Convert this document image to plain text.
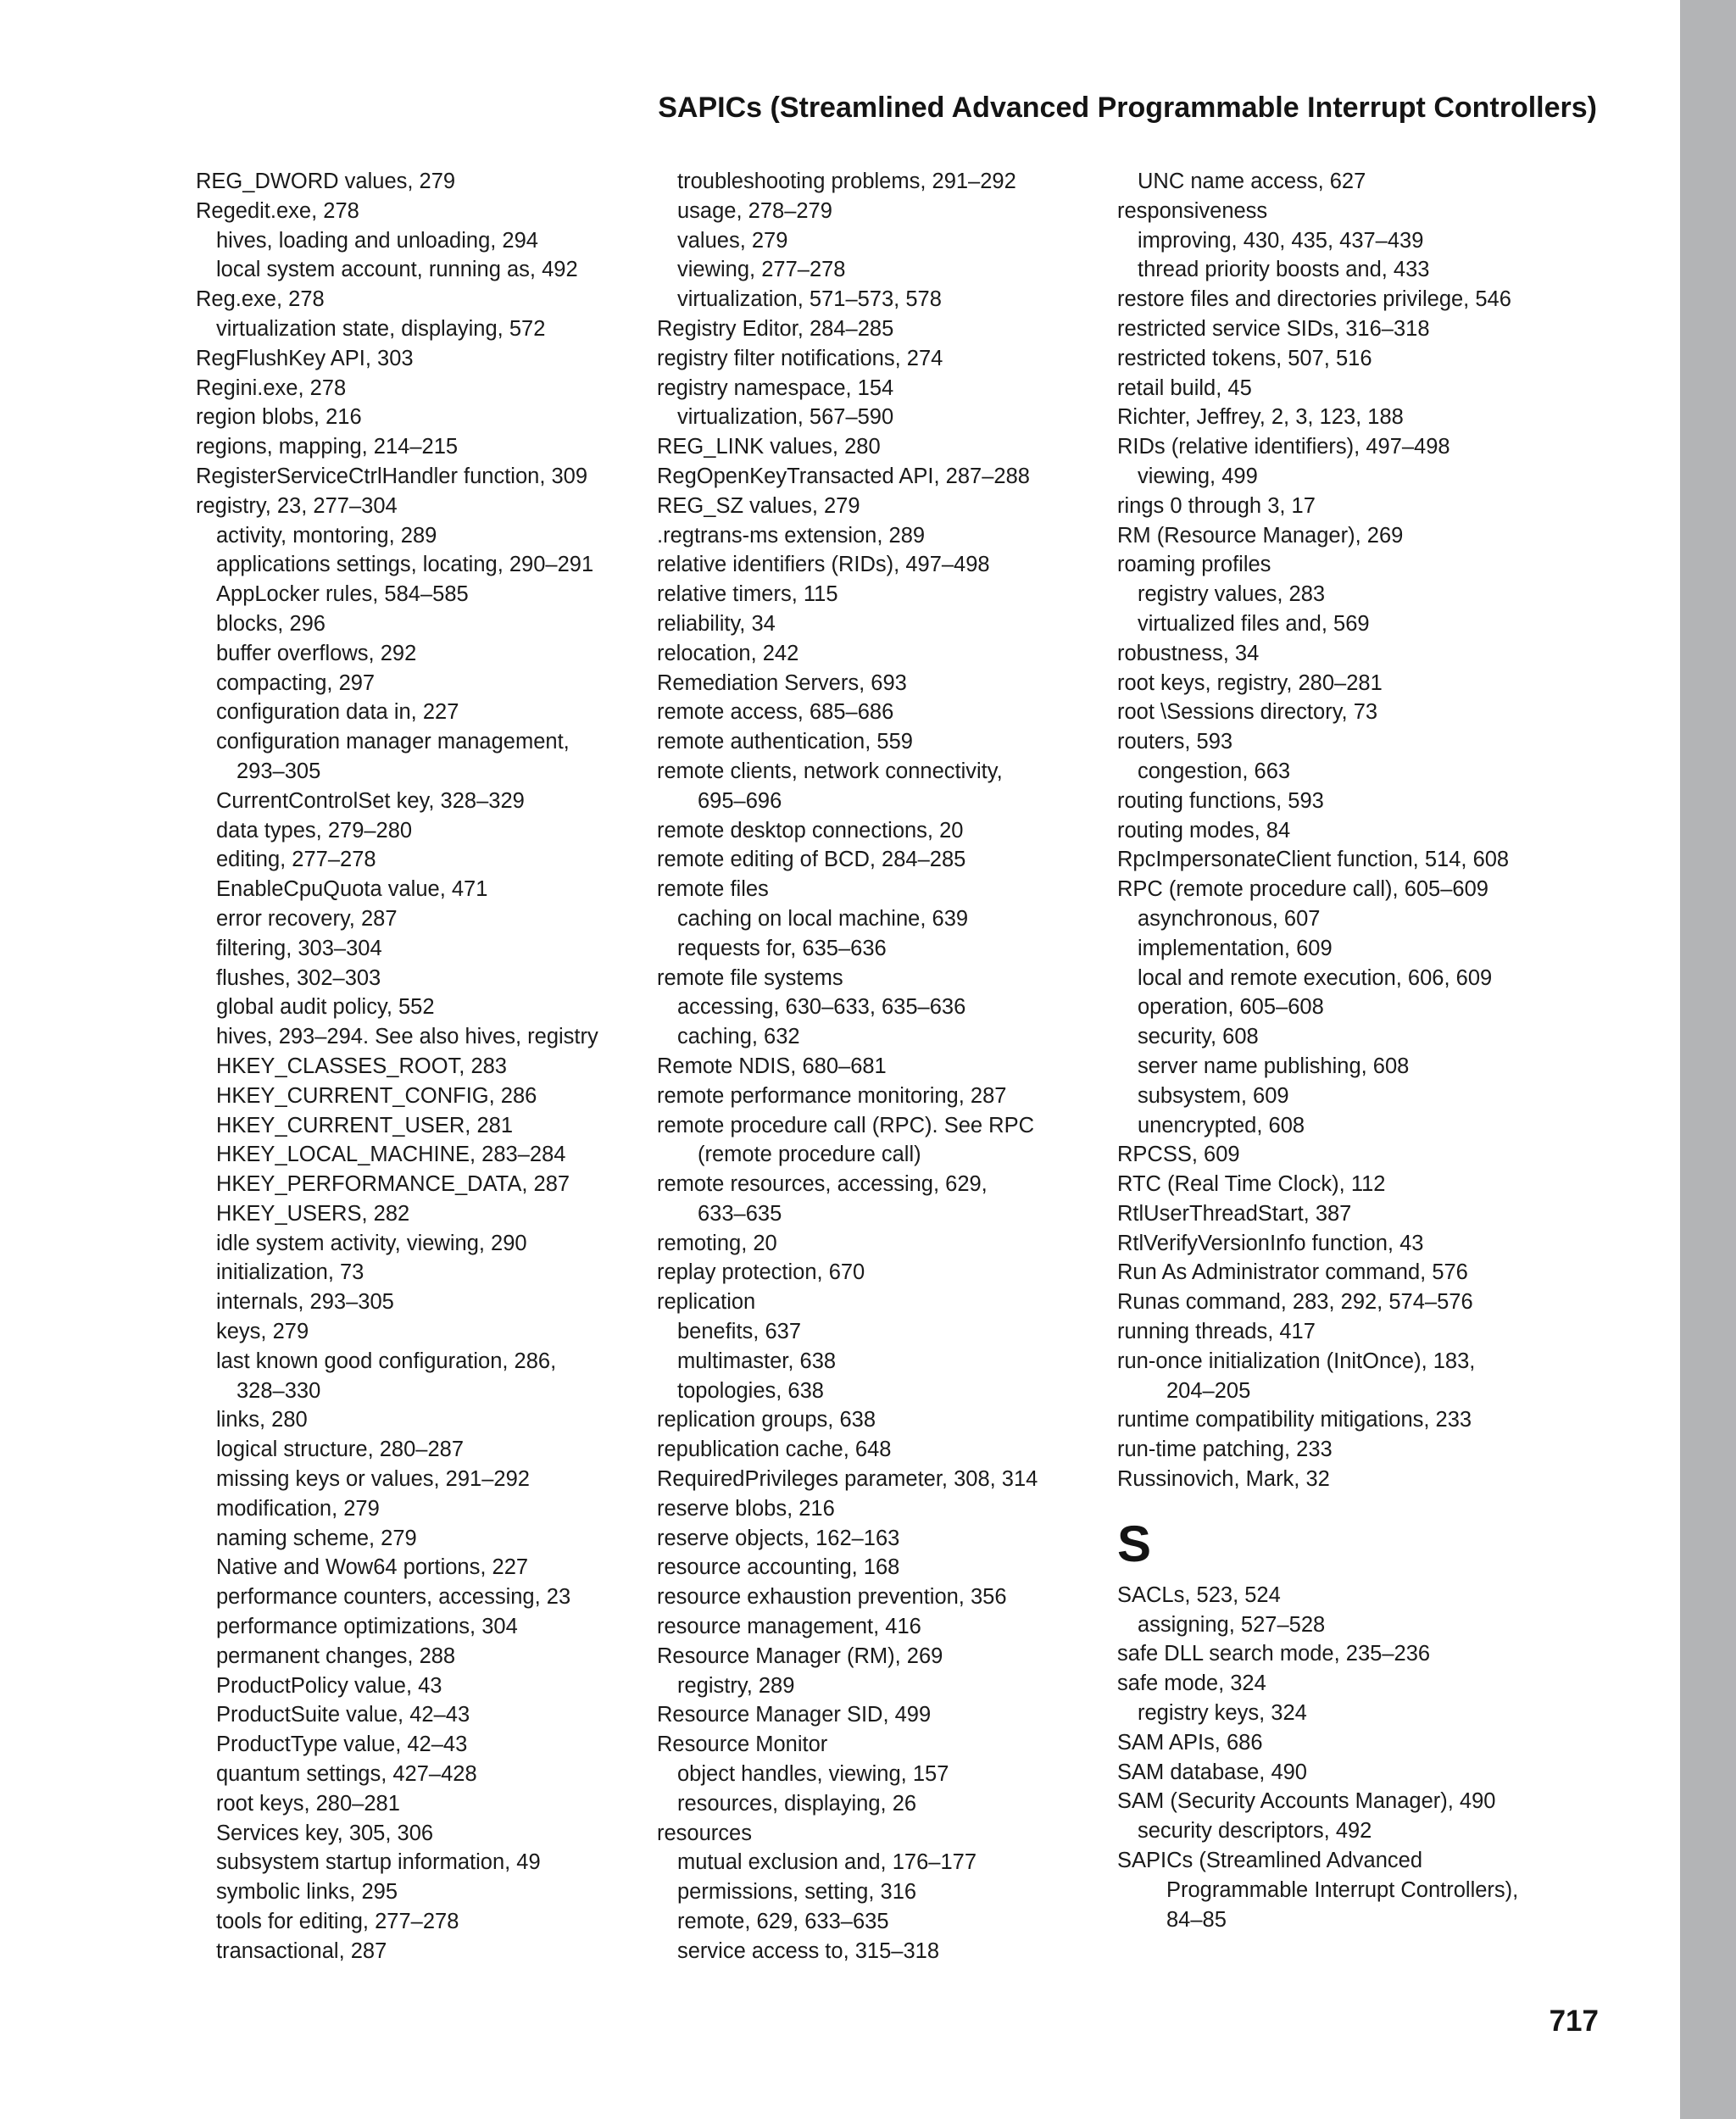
SAPICs (Streamlined Advanced Programmable Interrupt Controllers)
REG_DWORD values, 279
Regedit.exe, 278
hives, loading and unloading, 294
local system account, running as, 492
Reg.exe, 278
virtualization state, displaying, 572
RegFlushKey API, 303
Regini.exe, 278
region blobs, 216
regions, mapping, 214–215
RegisterServiceCtrlHandler function, 309
registry, 23, 277–304
activity, montoring, 289
applications settings, locating, 290–291
AppLocker rules, 584–585
blocks, 296
buffer overflows, 292
compacting, 297
configuration data in, 227
configuration manager management,
293–305
CurrentControlSet key, 328–329
data types, 279–280
editing, 277–278
EnableCpuQuota value, 471
error recovery, 287
filtering, 303–304
flushes, 302–303
global audit policy, 552
hives, 293–294. See also hives, registry
HKEY_CLASSES_ROOT, 283
HKEY_CURRENT_CONFIG, 286
HKEY_CURRENT_USER, 281
HKEY_LOCAL_MACHINE, 283–284
HKEY_PERFORMANCE_DATA, 287
HKEY_USERS, 282
idle system activity, viewing, 290
initialization, 73
internals, 293–305
keys, 279
last known good configuration, 286,
328–330
links, 280
logical structure, 280–287
missing keys or values, 291–292
modification, 279
naming scheme, 279
Native and Wow64 portions, 227
performance counters, accessing, 23
performance optimizations, 304
permanent changes, 288
ProductPolicy value, 43
ProductSuite value, 42–43
ProductType value, 42–43
quantum settings, 427–428
root keys, 280–281
Services key, 305, 306
subsystem startup information, 49
symbolic links, 295
tools for editing, 277–278
transactional, 287
troubleshooting problems, 291–292
usage, 278–279
values, 279
viewing, 277–278
virtualization, 571–573, 578
Registry Editor, 284–285
registry filter notifications, 274
registry namespace, 154
virtualization, 567–590
REG_LINK values, 280
RegOpenKeyTransacted API, 287–288
REG_SZ values, 279
.regtrans-ms extension, 289
relative identifiers (RIDs), 497–498
relative timers, 115
reliability, 34
relocation, 242
Remediation Servers, 693
remote access, 685–686
remote authentication, 559
remote clients, network connectivity,
695–696
remote desktop connections, 20
remote editing of BCD, 284–285
remote files
caching on local machine, 639
requests for, 635–636
remote file systems
accessing, 630–633, 635–636
caching, 632
Remote NDIS, 680–681
remote performance monitoring, 287
remote procedure call (RPC). See RPC
(remote procedure call)
remote resources, accessing, 629,
633–635
remoting, 20
replay protection, 670
replication
benefits, 637
multimaster, 638
topologies, 638
replication groups, 638
republication cache, 648
RequiredPrivileges parameter, 308, 314
reserve blobs, 216
reserve objects, 162–163
resource accounting, 168
resource exhaustion prevention, 356
resource management, 416
Resource Manager (RM), 269
registry, 289
Resource Manager SID, 499
Resource Monitor
object handles, viewing, 157
resources, displaying, 26
resources
mutual exclusion and, 176–177
permissions, setting, 316
remote, 629, 633–635
service access to, 315–318
UNC name access, 627
responsiveness
improving, 430, 435, 437–439
thread priority boosts and, 433
restore files and directories privilege, 546
restricted service SIDs, 316–318
restricted tokens, 507, 516
retail build, 45
Richter, Jeffrey, 2, 3, 123, 188
RIDs (relative identifiers), 497–498
viewing, 499
rings 0 through 3, 17
RM (Resource Manager), 269
roaming profiles
registry values, 283
virtualized files and, 569
robustness, 34
root keys, registry, 280–281
root \Sessions directory, 73
routers, 593
congestion, 663
routing functions, 593
routing modes, 84
RpcImpersonateClient function, 514, 608
RPC (remote procedure call), 605–609
asynchronous, 607
implementation, 609
local and remote execution, 606, 609
operation, 605–608
security, 608
server name publishing, 608
subsystem, 609
unencrypted, 608
RPCSS, 609
RTC (Real Time Clock), 112
RtlUserThreadStart, 387
RtlVerifyVersionInfo function, 43
Run As Administrator command, 576
Runas command, 283, 292, 574–576
running threads, 417
run-once initialization (InitOnce), 183,
204–205
runtime compatibility mitigations, 233
run-time patching, 233
Russinovich, Mark, 32
S
SACLs, 523, 524
assigning, 527–528
safe DLL search mode, 235–236
safe mode, 324
registry keys, 324
SAM APIs, 686
SAM database, 490
SAM (Security Accounts Manager), 490
security descriptors, 492
SAPICs (Streamlined Advanced
Programmable Interrupt Controllers),
84–85
717
